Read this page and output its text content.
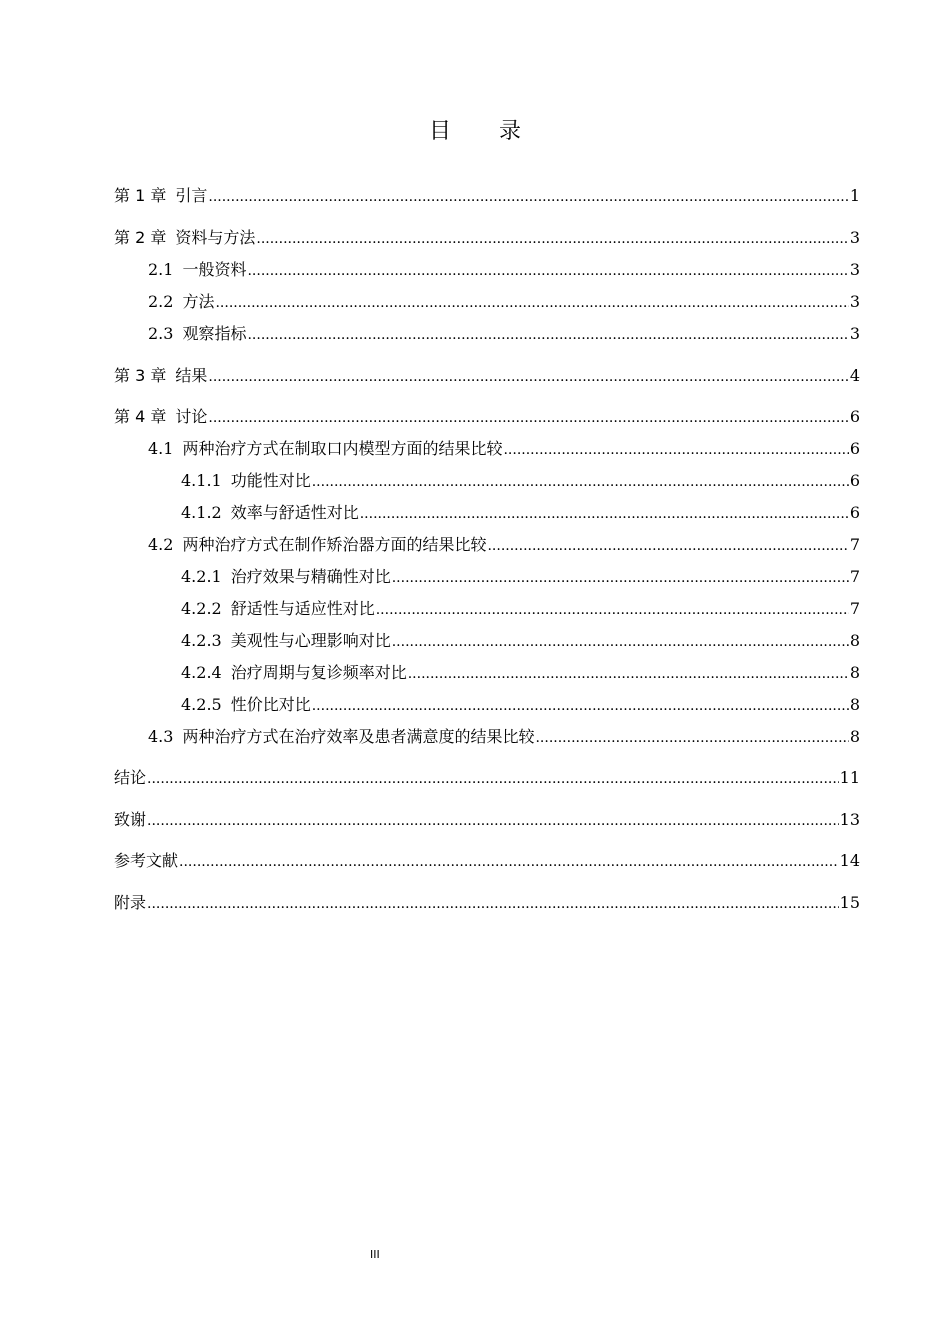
目 录
第 1 章 引言 .....	1
第 2 章 资料与方法 .....	3
2.1 一般资料 .....	3
2.2 方法 .....	3
2.3 观察指标 .....	3
第 3 章 结果 .....	4
第 4 章 讨论 .....	6
4.1 两种治疗方式在制取口内模型方面的结果比较 .....	6
4.1.1 功能性对比 .....	6
4.1.2 效率与舒适性对比 .....	6
4.2 两种治疗方式在制作矫治器方面的结果比较 .....	7
4.2.1 治疗效果与精确性对比 .....	7
4.2.2 舒适性与适应性对比 .....	7
4.2.3 美观性与心理影响对比 .....	8
4.2.4 治疗周期与复诊频率对比 .....	8
4.2.5 性价比对比 .....	8
4.3 两种治疗方式在治疗效率及患者满意度的结果比较 .....	8
结论 .....	11
致谢 .....	13
参考文献 .....	14
附录 .....	15
III
